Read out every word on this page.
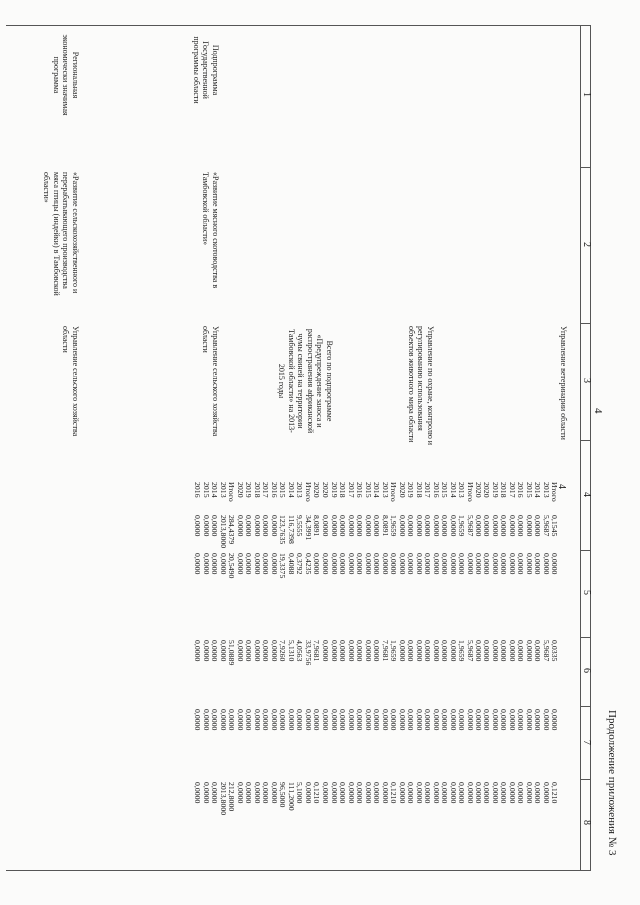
Продолжение приложения № 3
4
1
2
3
4
5
6
7
8
4
Управление ветеринарии области
Итого
2013
2014
2015
2016
2017
2018
2019
2020
0,1545
5,9687
0,0000
0,0000
0,0000
0,0000
0,0000
0,0000
0,0000
0,0000
0,0000
0,0000
0,0000
0,0000
0,0000
0,0000
0,0000
0,0000
0,0335
5,9687
0,0000
0,0000
0,0000
0,0000
0,0000
0,0000
0,0000
0,0000
0,0000
0,0000
0,0000
0,0000
0,0000
0,0000
0,0000
0,0000
0,1210
0,0000
0,0000
0,0000
0,0000
0,0000
0,0000
0,0000
0,0000
Управление по охране, контролю и регулированию использования объектов животного мира области
2020
Итого
2013
2014
2015
2016
2017
2018
2019
2020
0,0000
5,9687
1,9659
0,0000
0,0000
0,0000
0,0000
0,0000
0,0000
0,0000
0,0000
0,0000
0,0000
0,0000
0,0000
0,0000
0,0000
0,0000
0,0000
0,0000
0,0000
5,9687
1,9659
0,0000
0,0000
0,0000
0,0000
0,0000
0,0000
0,0000
0,0000
0,0000
0,0000
0,0000
0,0000
0,0000
0,0000
0,0000
0,0000
0,0000
0,0000
0,0000
0,0000
0,0000
0,0000
0,0000
0,0000
0,0000
0,0000
0,0000
Всего по подпрограмме «Предупреждение заноса и распространения африканской чумы свиней на территории Тамбовской области» на 2013-2015 годы
Итого
2013
2014
2015
2016
2017
2018
2019
2020
1,9659
8,0891
0,0000
0,0000
0,0000
0,0000
0,0000
0,0000
0,0000
0,0000
0,0000
0,0000
0,0000
0,0000
0,0000
0,0000
0,0000
0,0000
1,9659
7,9681
0,0000
0,0000
0,0000
0,0000
0,0000
0,0000
0,0000
0,0000
0,0000
0,0000
0,0000
0,0000
0,0000
0,0000
0,0000
0,0000
0,1210
0,0000
0,0000
0,0000
0,0000
0,0000
0,0000
0,0000
0,0000
Подпрограмма Государственной программы области
«Развитие мясного скотоводства в Тамбовской области»
Управление сельского хозяйства области
2020
Итого
2013
2014
2015
2016
2017
2018
2019
2020
8,0891
34,3991
9,5555
116,7398
123,7635
0,0000
0,0000
0,0000
0,0000
0,0000
0,0000
0,4235
0,3792
0,4088
19,3375
0,0000
0,0000
0,0000
0,0000
0,0000
7,9681
33,9756
4,0563
5,1310
7,9260
0,0000
0,0000
0,0000
0,0000
0,0000
0,0000
0,0000
0,0000
0,0000
0,0000
0,0000
0,0000
0,0000
0,0000
0,0000
0,1210
0,0000
5,1000
111,2000
96,5000
0,0000
0,0000
0,0000
0,0000
0,0000
Региональная экономически значимая программа
«Развитие сельскохозяйственного и перерабатывающего производства мяса птицы (индейки) в Тамбовской области»
Управление сельского хозяйства области
Итого
2013
2014
2015
2016
284,4379
2013,8000
0,0000
0,0000
0,0000
20,5490
0,0000
0,0000
0,0000
0,0000
51,0889
0,0000
0,0000
0,0000
0,0000
0,0000
0,0000
0,0000
0,0000
0,0000
212,8000
2013,8000
0,0000
0,0000
0,0000
